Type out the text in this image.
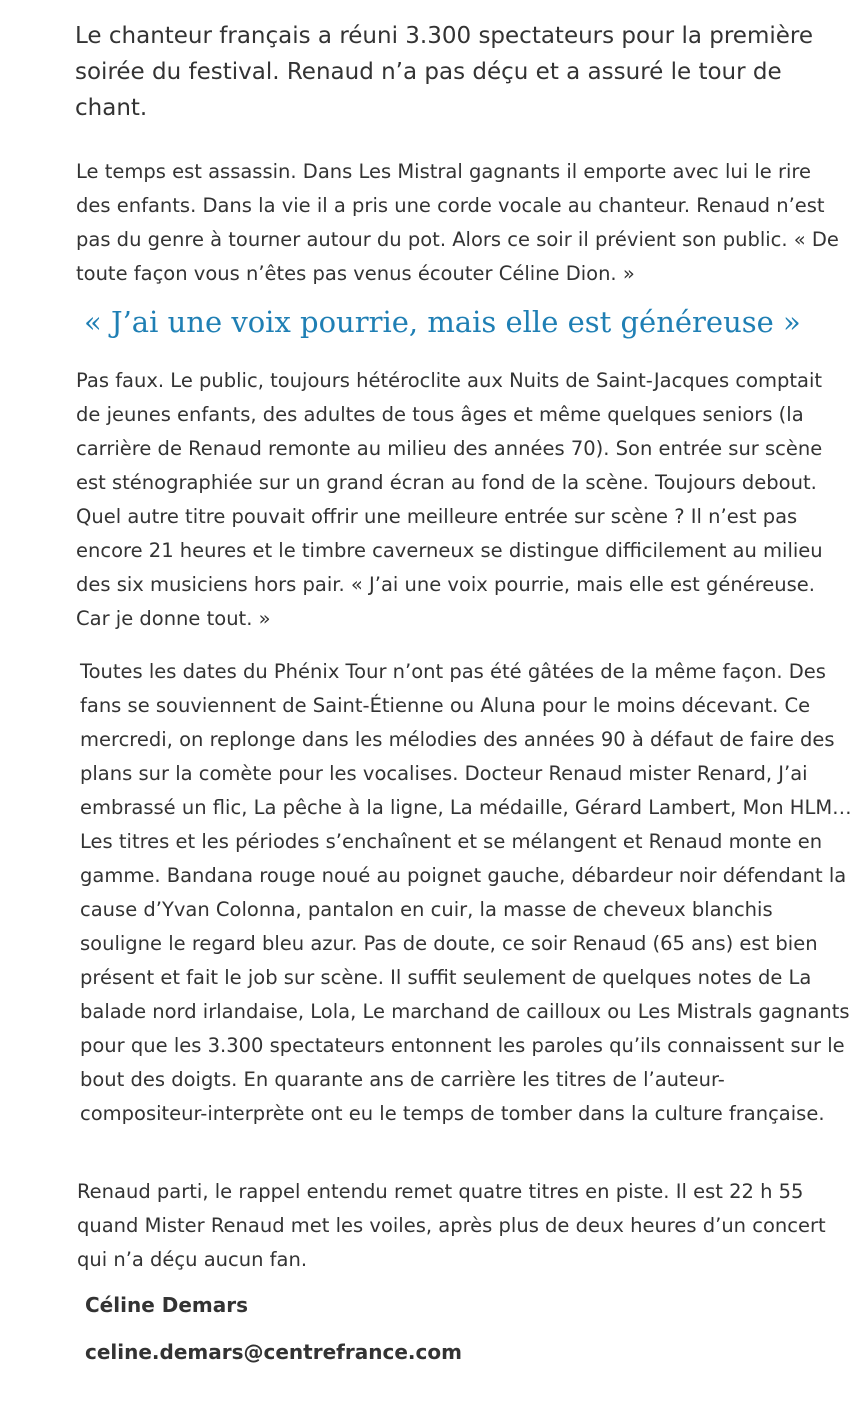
Le chanteur français a réuni 3.300 spectateurs pour la première soirée du festival. Renaud n’a pas déçu et a assuré le tour de chant.

Le temps est assassin. Dans Les Mistral gagnants il emporte avec lui le rire des enfants. Dans la vie il a pris une corde vocale au chanteur. Renaud n’est pas du genre à tourner autour du pot. Alors ce soir il prévient son public. « De toute façon vous n’êtes pas venus écouter Céline Dion. »

« J’ai une voix pourrie, mais elle est généreuse »

Pas faux. Le public, toujours hétéroclite aux Nuits de Saint-Jacques comptait de jeunes enfants, des adultes de tous âges et même quelques seniors (la carrière de Renaud remonte au milieu des années 70). Son entrée sur scène est sténographiée sur un grand écran au fond de la scène. Toujours debout. Quel autre titre pouvait offrir une meilleure entrée sur scène ? Il n’est pas encore 21 heures et le timbre caverneux se distingue difficilement au milieu des six musiciens hors pair. « J’ai une voix pourrie, mais elle est généreuse. Car je donne tout. »

Toutes les dates du Phénix Tour n’ont pas été gâtées de la même façon. Des fans se souviennent de Saint-Étienne ou Aluna pour le moins décevant. Ce mercredi, on replonge dans les mélodies des années 90 à défaut de faire des plans sur la comète pour les vocalises. Docteur Renaud mister Renard, J’ai embrassé un flic, La pêche à la ligne, La médaille, Gérard Lambert, Mon HLM… Les titres et les périodes s’enchaînent et se mélangent et Renaud monte en gamme. Bandana rouge noué au poignet gauche, débardeur noir défendant la cause d’Yvan Colonna, pantalon en cuir, la masse de cheveux blanchis souligne le regard bleu azur. Pas de doute, ce soir Renaud (65 ans) est bien présent et fait le job sur scène. Il suffit seulement de quelques notes de La balade nord irlandaise, Lola, Le marchand de cailloux ou Les Mistrals gagnants pour que les 3.300 spectateurs entonnent les paroles qu’ils connaissent sur le bout des doigts. En quarante ans de carrière les titres de l’auteur-compositeur-interprète ont eu le temps de tomber dans la culture française.

Renaud parti, le rappel entendu remet quatre titres en piste. Il est 22 h 55 quand Mister Renaud met les voiles, après plus de deux heures d’un concert qui n’a déçu aucun fan.

Céline Demars

celine.demars@centrefrance.com
